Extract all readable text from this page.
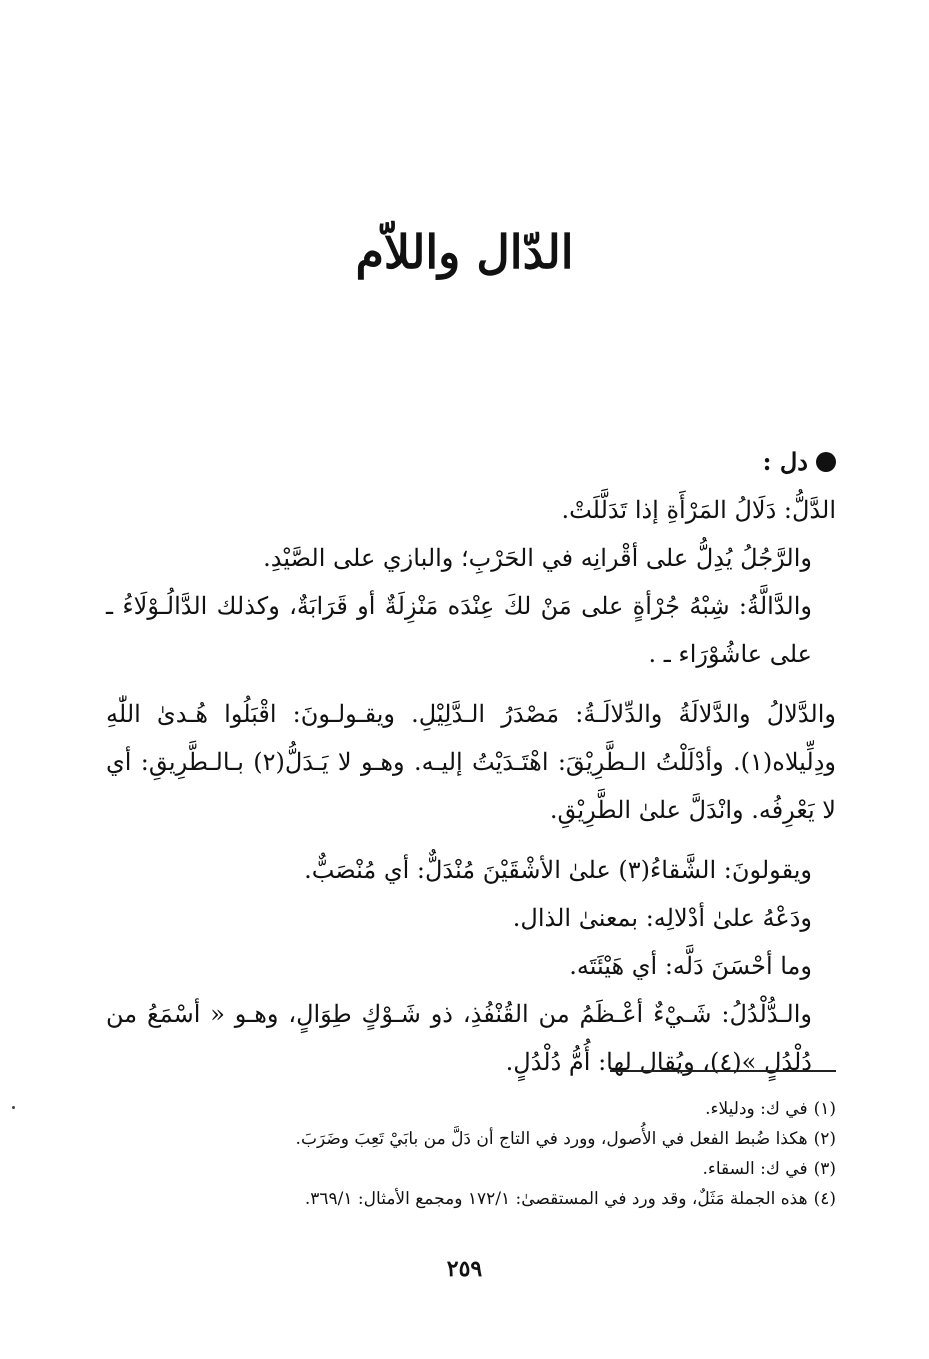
الدّال واللاّم

دل :

الدَّلُّ: دَلَالُ المَرْأَةِ إذا تَدَلَّلَتْ.

والرَّجُلُ يُدِلُّ على أقْرانِه في الحَرْبِ؛ والبازي على الصَّيْدِ.

والدَّالَّةُ: شِبْهُ جُرْأةٍ على مَنْ لكَ عِنْدَه مَنْزِلَةٌ أو قَرَابَةٌ، وكذلك الدَّالُـوْلَاءُ ـ على عاشُوْرَاء ـ .

والدَّلالُ والدَّلالَةُ والدِّلالَـةُ: مَصْدَرُ الـدَّلِيْلِ. ويقـولـونَ: اقْبَلُوا هُـدىٰ اللّٰهِ ودِلِّيلاه(١). وأدْلَلْتُ الـطَّرِيْقَ: اهْتَـدَيْتُ إليـه. وهـو لا يَـدَلُّ(٢) بـالـطَّرِيقِ: أي لا يَعْرِفُه. وانْدَلَّ علىٰ الطَّرِيْقِ.

ويقولونَ: الشَّقاءُ(٣) علىٰ الأشْقَيْنَ مُنْدَلٌّ: أي مُنْصَبٌّ.

ودَعْهُ علىٰ أدْلالِه: بمعنىٰ الذال.

وما أحْسَنَ دَلَّه: أي هَيْئَتَه.

والـدُّلْدُلُ: شَـيْءٌ أعْـظَمُ من القُنْفُذِ، ذو شَـوْكٍ طِوَالٍ، وهـو « أسْمَعُ من دُلْدُلٍ »(٤)، ويُقال لها: أُمُّ دُلْدُلٍ.

(١)
في ك: ودليلاء.
(٢)
هكذا ضُبط الفعل في الأُصول، وورد في التاج أن دَلَّ من بابَيْ تَعِبَ وضَرَبَ.
(٣)
في ك: السقاء.
(٤)
هذه الجملة مَثَلٌ، وقد ورد في المستقصىٰ: ١٧٢/١ ومجمع الأمثال: ٣٦٩/١.
٢٥٩
